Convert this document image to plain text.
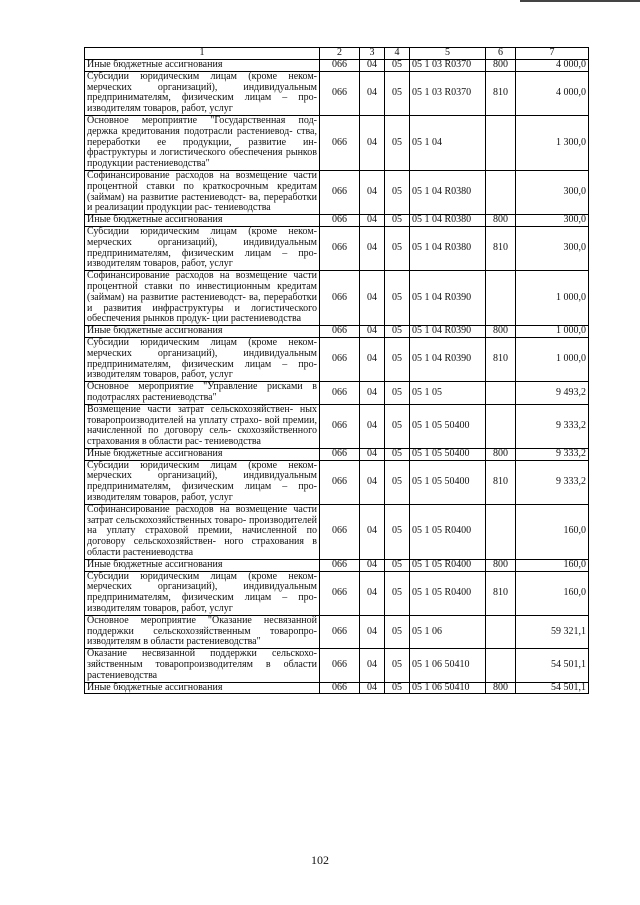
1	2	3	4	5	6	7
Иные бюджетные ассигнования	066	04	05	05 1 03 R0370	800	4 000,0
Субсидии юридическим лицам (кроме неком- мерческих организаций), индивидуальным предпринимателям, физическим лицам – про- изводителям товаров, работ, услуг	066	04	05	05 1 03 R0370	810	4 000,0
Основное мероприятие "Государственная под- держка кредитования подотрасли растениевод- ства, переработки ее продукции, развитие ин- фраструктуры и логистического обеспечения рынков продукции растениеводства"	066	04	05	05 1 04		1 300,0
Софинансирование расходов на возмещение части процентной ставки по краткосрочным кредитам (займам) на развитие растениеводст- ва, переработки и реализации продукции рас- тениеводства	066	04	05	05 1 04 R0380		300,0
Иные бюджетные ассигнования	066	04	05	05 1 04 R0380	800	300,0
Субсидии юридическим лицам (кроме неком- мерческих организаций), индивидуальным предпринимателям, физическим лицам – про- изводителям товаров, работ, услуг	066	04	05	05 1 04 R0380	810	300,0
Софинансирование расходов на возмещение части процентной ставки по инвестиционным кредитам (займам) на развитие растениеводст- ва, переработки и развития инфраструктуры и логистического обеспечения рынков продук- ции растениеводства	066	04	05	05 1 04 R0390		1 000,0
Иные бюджетные ассигнования	066	04	05	05 1 04 R0390	800	1 000,0
Субсидии юридическим лицам (кроме неком- мерческих организаций), индивидуальным предпринимателям, физическим лицам – про- изводителям товаров, работ, услуг	066	04	05	05 1 04 R0390	810	1 000,0
Основное мероприятие "Управление рисками в подотраслях растениеводства"	066	04	05	05 1 05		9 493,2
Возмещение части затрат сельскохозяйствен- ных товаропроизводителей на уплату страхо- вой премии, начисленной по договору сель- скохозяйственного страхования в области рас- тениеводства	066	04	05	05 1 05 50400		9 333,2
Иные бюджетные ассигнования	066	04	05	05 1 05 50400	800	9 333,2
Субсидии юридическим лицам (кроме неком- мерческих организаций), индивидуальным предпринимателям, физическим лицам – про- изводителям товаров, работ, услуг	066	04	05	05 1 05 50400	810	9 333,2
Софинансирование расходов на возмещение части затрат сельскохозяйственных товаро- производителей на уплату страховой премии, начисленной по договору сельскохозяйствен- ного страхования в области растениеводства	066	04	05	05 1 05 R0400		160,0
Иные бюджетные ассигнования	066	04	05	05 1 05 R0400	800	160,0
Субсидии юридическим лицам (кроме неком- мерческих организаций), индивидуальным предпринимателям, физическим лицам – про- изводителям товаров, работ, услуг	066	04	05	05 1 05 R0400	810	160,0
Основное мероприятие "Оказание несвязанной поддержки сельскохозяйственным товаропро- изводителям в области растениеводства"	066	04	05	05 1 06		59 321,1
Оказание несвязанной поддержки сельскохо- зяйственным товаропроизводителям в области растениеводства	066	04	05	05 1 06 50410		54 501,1
Иные бюджетные ассигнования	066	04	05	05 1 06 50410	800	54 501,1
102
